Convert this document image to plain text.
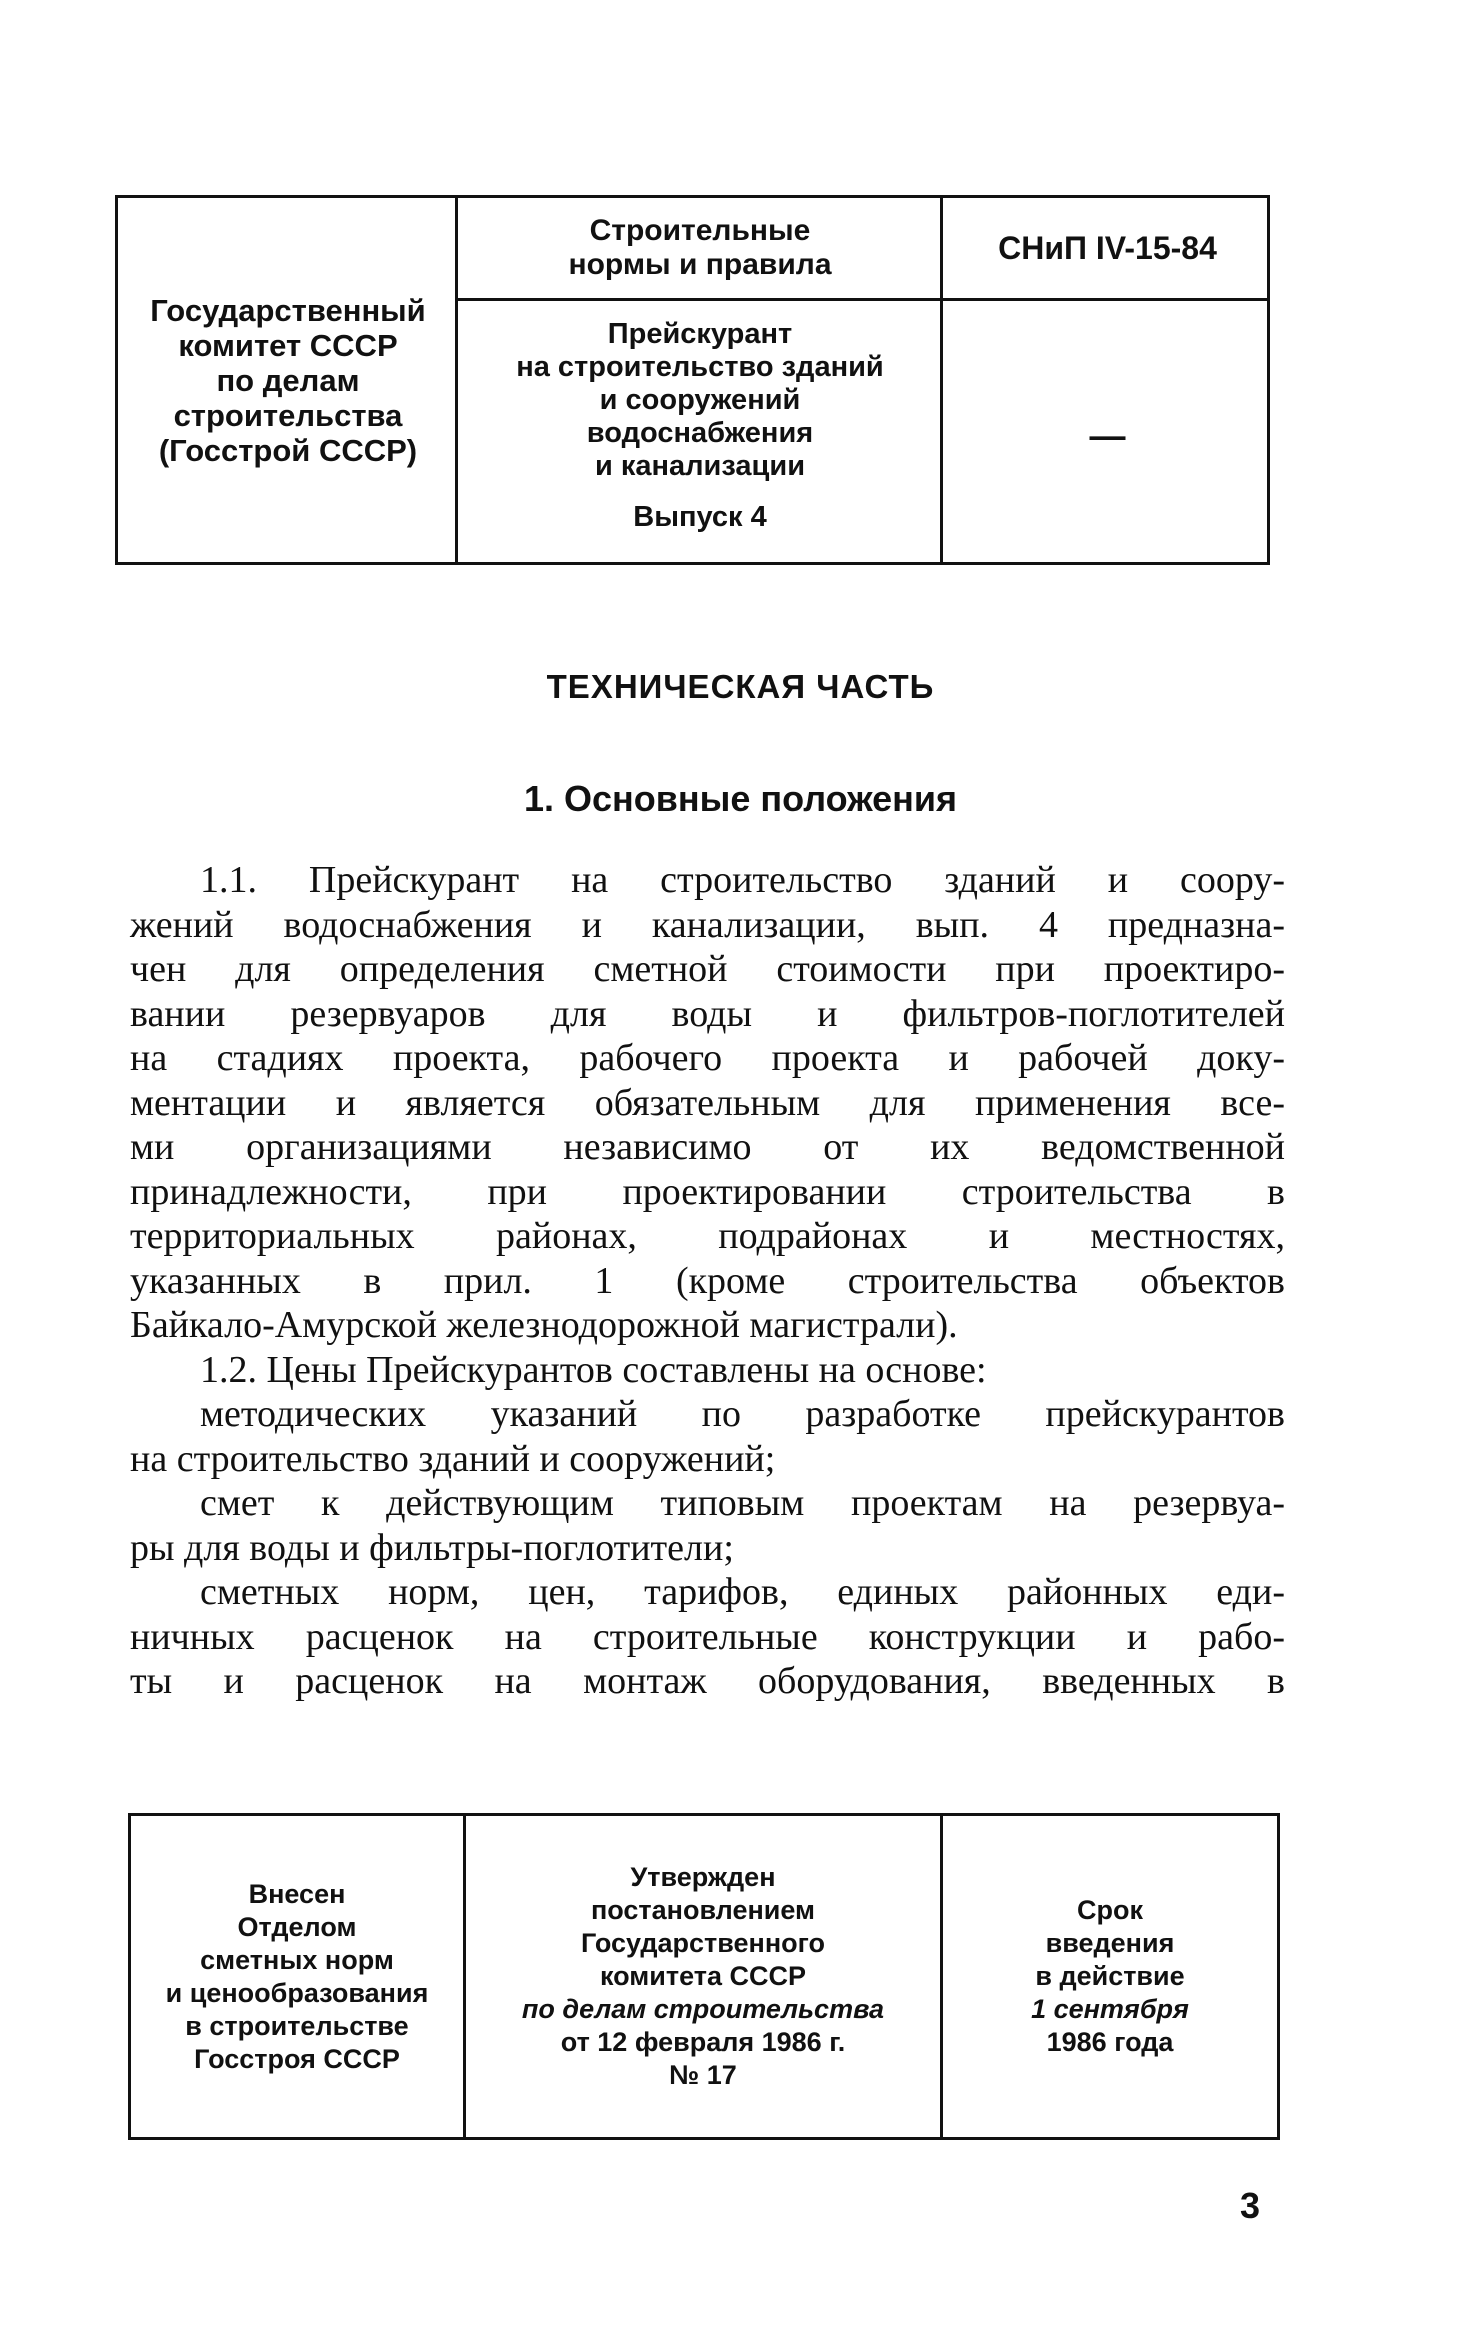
Государственный
комитет СССР
по делам
строительства
(Госстрой СССР)
Строительные
нормы и правила	СНиП IV-15-84
Прейскурант
на строительство зданий
и сооружений
водоснабжения
и канализации
Выпуск 4
—
ТЕХНИЧЕСКАЯ ЧАСТЬ
1. Основные положения
1.1. Прейскурант на строительство зданий и соору-
жений водоснабжения и канализации, вып. 4 предназна-
чен для определения сметной стоимости при проектиро-
вании резервуаров для воды и фильтров-поглотителей
на стадиях проекта, рабочего проекта и рабочей доку-
ментации и является обязательным для применения все-
ми организациями независимо от их ведомственной
принадлежности, при проектировании строительства в
территориальных районах, подрайонах и местностях,
указанных в прил. 1 (кроме строительства объектов
Байкало-Амурской железнодорожной магистрали).
1.2. Цены Прейскурантов составлены на основе:
методических указаний по разработке прейскурантов
на строительство зданий и сооружений;
смет к действующим типовым проектам на резервуа-
ры для воды и фильтры-поглотители;
сметных норм, цен, тарифов, единых районных еди-
ничных расценок на строительные конструкции и рабо-
ты и расценок на монтаж оборудования, введенных в
Внесен
Отделом
сметных норм
и ценообразования
в строительстве
Госстроя СССР
Утвержден
постановлением
Государственного
комитета СССР
по делам строительства
от 12 февраля 1986 г.
№ 17
Срок
введения
в действие
1 сентября
1986 года
3
